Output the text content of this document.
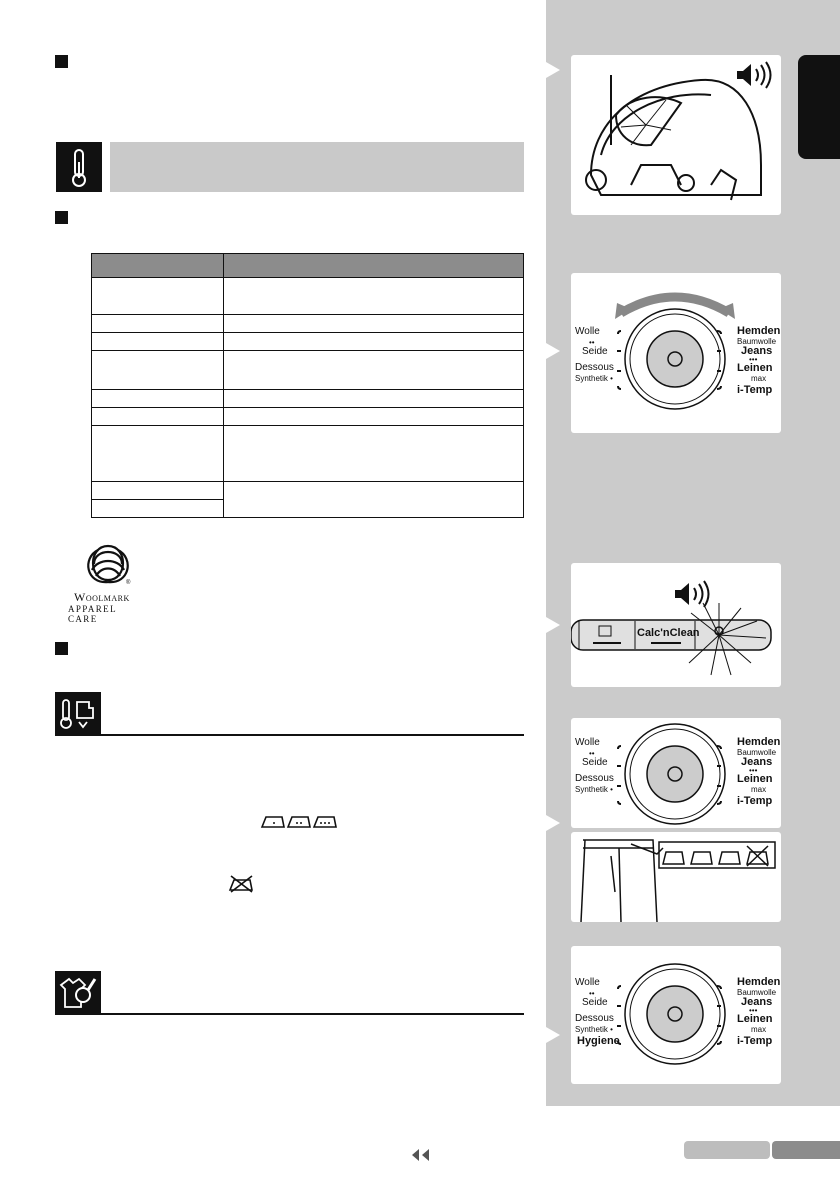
®
Woolmark
APPAREL CARE
Wolle
••
Seide
Dessous
Synthetik •
Hemden
Baumwolle
Jeans
•••
Leinen
max
i-Temp
Calc'nClean
Wolle
••
Seide
Dessous
Synthetik •
Hemden
Baumwolle
Jeans
•••
Leinen
max
i-Temp
Wolle
••
Seide
Dessous
Synthetik •
Hygiene
Hemden
Baumwolle
Jeans
•••
Leinen
max
i-Temp
